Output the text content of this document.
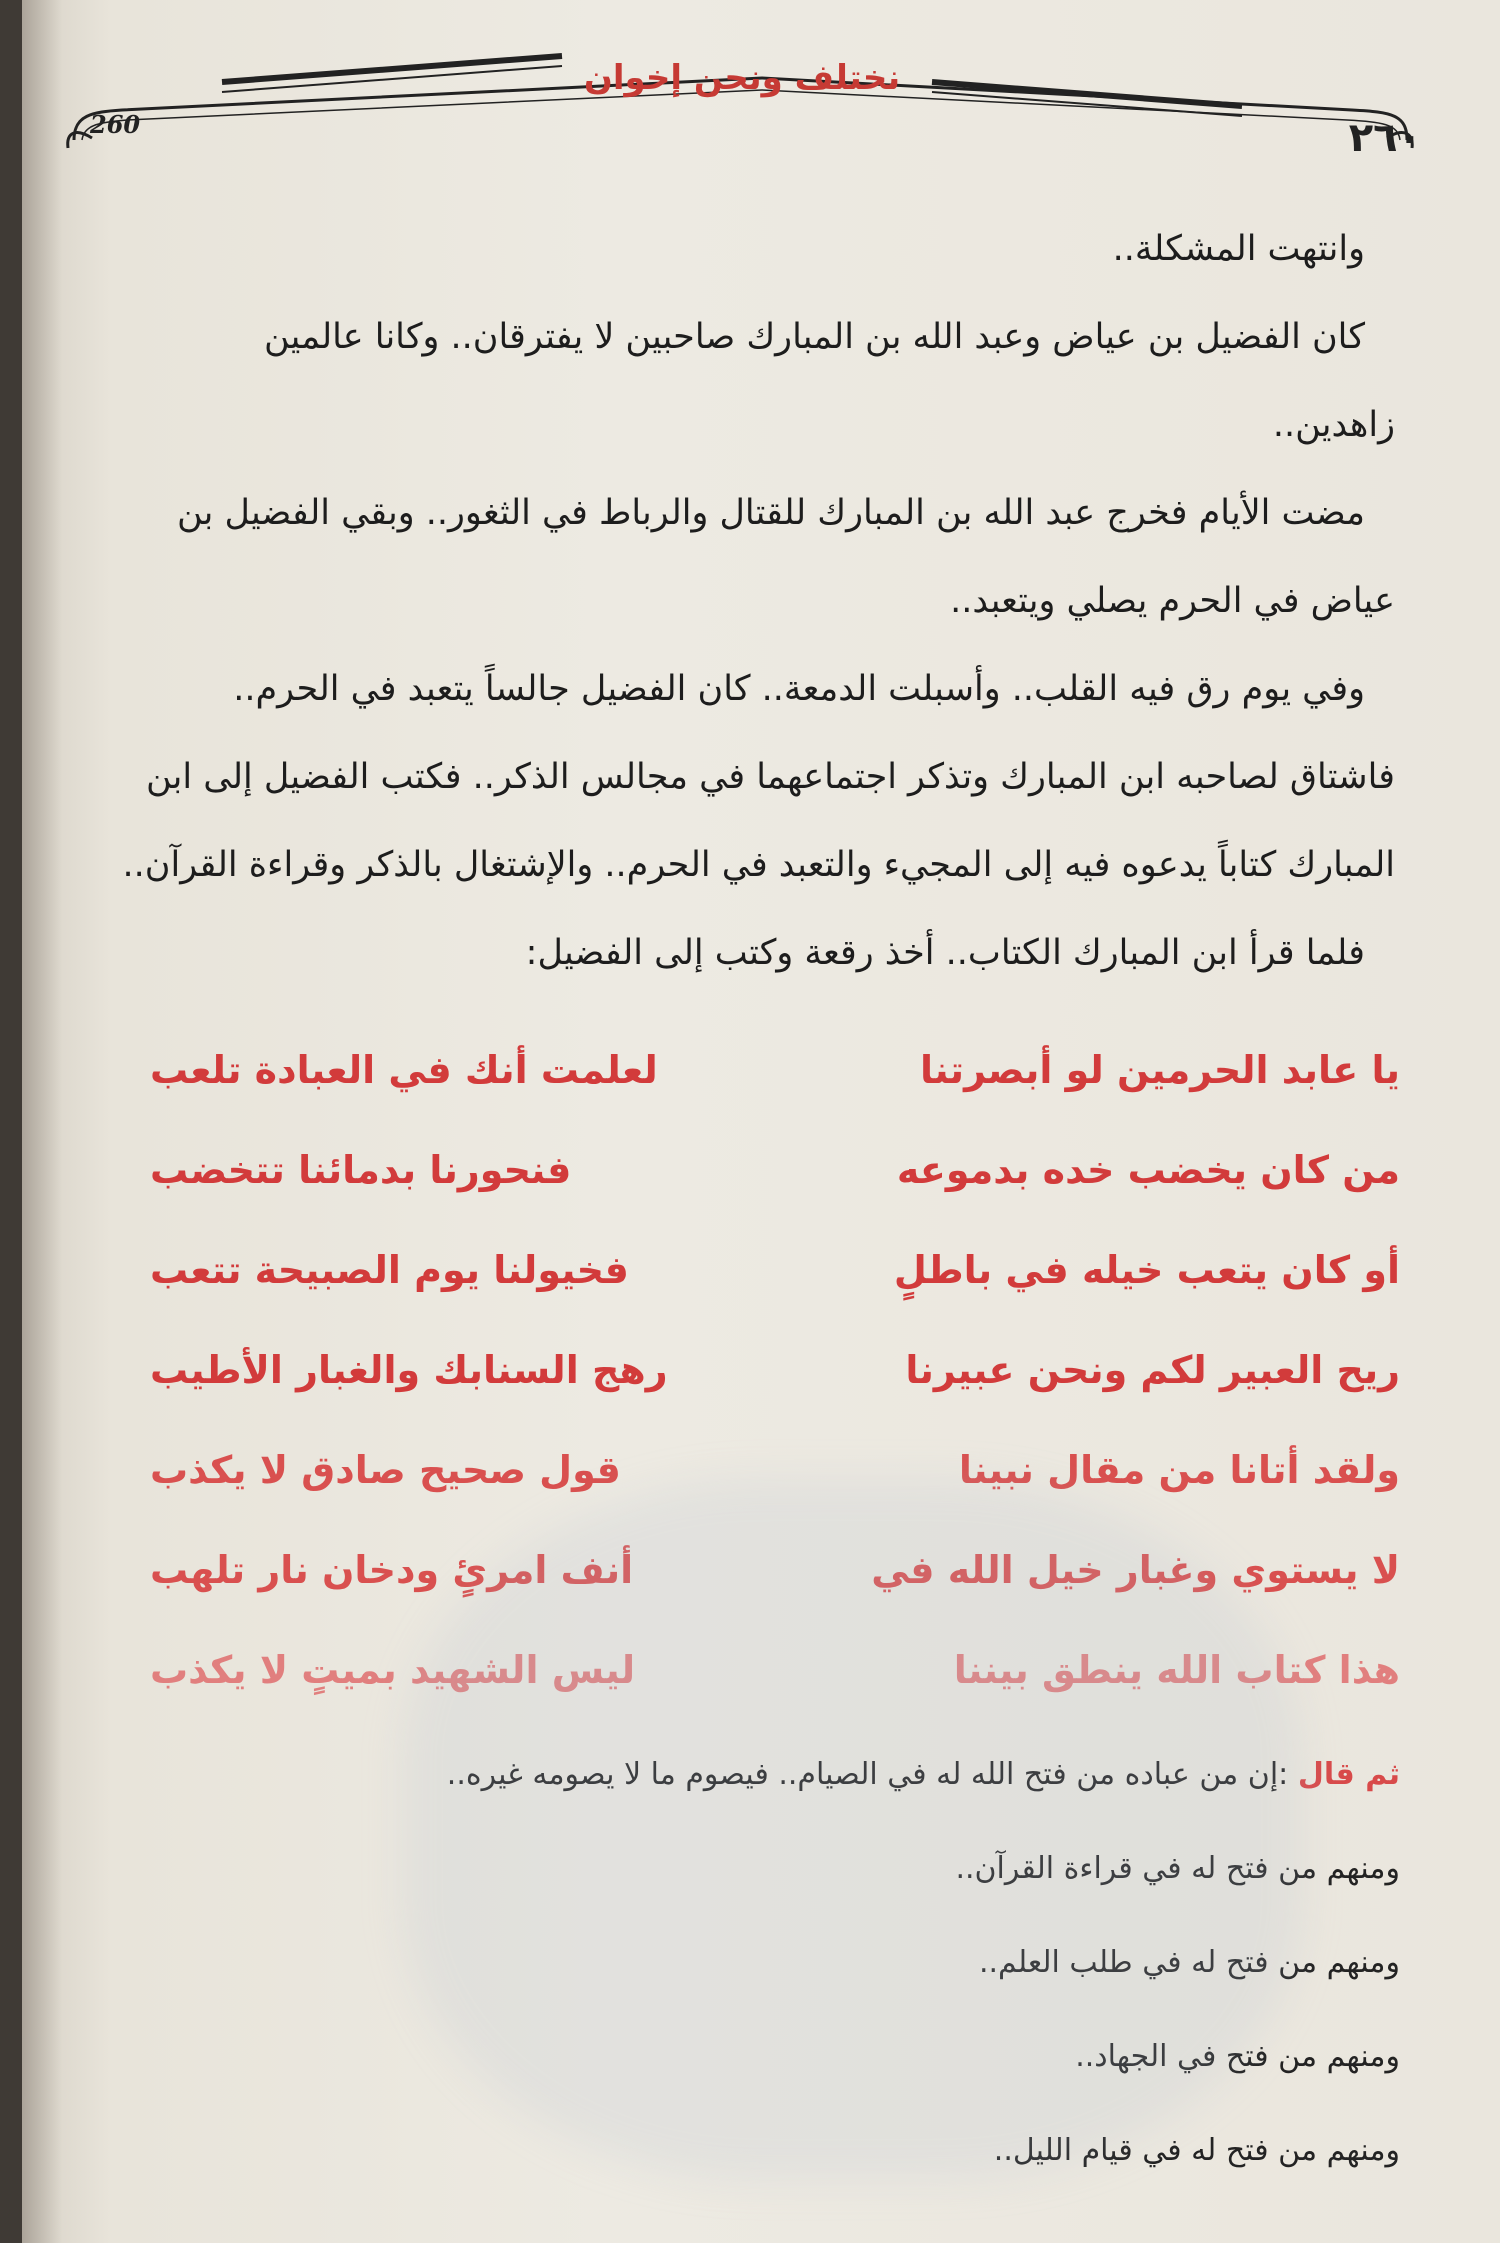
نختلف ونحن إخوان
٢٦٠
260

وانتهت المشكلة..

كان الفضيل بن عياض وعبد الله بن المبارك صاحبين لا يفترقان.. وكانا عالمين

زاهدين..

مضت الأيام فخرج عبد الله بن المبارك للقتال والرباط في الثغور.. وبقي الفضيل بن

عياض في الحرم يصلي ويتعبد..

وفي يوم رق فيه القلب.. وأسبلت الدمعة.. كان الفضيل جالساً يتعبد في الحرم..

فاشتاق لصاحبه ابن المبارك وتذكر اجتماعهما في مجالس الذكر.. فكتب الفضيل إلى ابن

المبارك كتاباً يدعوه فيه إلى المجيء والتعبد في الحرم.. والإشتغال بالذكر وقراءة القرآن..

فلما قرأ ابن المبارك الكتاب.. أخذ رقعة وكتب إلى الفضيل:

يا عابد الحرمين لو أبصرتنا
لعلمت أنك في العبادة تلعب
من كان يخضب خده بدموعه
فنحورنا بدمائنا تتخضب
أو كان يتعب خيله في باطلٍ
فخيولنا يوم الصبيحة تتعب
ريح العبير لكم ونحن عبيرنا
رهج السنابك والغبار الأطيب
ولقد أتانا من مقال نبينا
قول صحيح صادق لا يكذب
لا يستوي وغبار خيل الله في
أنف امرئٍ ودخان نار تلهب
هذا كتاب الله ينطق بيننا
ليس الشهيد بميتٍ لا يكذب
ثم قال :إن من عباده من فتح الله له في الصيام.. فيصوم ما لا يصومه غيره..
ومنهم من فتح له في قراءة القرآن..
ومنهم من فتح له في طلب العلم..
ومنهم من فتح في الجهاد..
ومنهم من فتح له في قيام الليل..
